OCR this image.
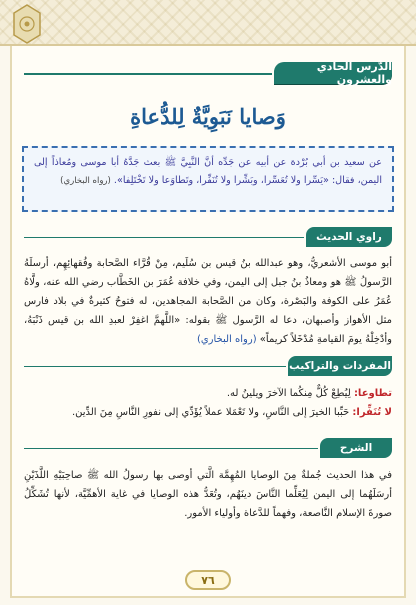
الدَّرس الحادي والعشرون
وَصايا نَبَوِيَّةٌ لِلدُّعاةِ
عن سعيد بن أبي بُرْدة عن أبيه عن جَدِّه أنَّ النَّبِيَّ ﷺ بعث جَدَّهُ أبا موسى ومُعاذاً إلى اليمن، فقال: «يَسِّرا ولا تُعَسِّرا، وبَشِّرا ولا تُنَفِّرا، وتَطاوَعا ولا تَخْتَلِفا». (رواه البخاري)
راوي الحديث
أبو موسى الأشعريُّ، وهو عبدالله بنُ قيس بن سُلَيم، مِنْ قُرَّاء الصَّحابة وفُقهائِهِم، أرسلَهُ الرَّسولُ ﷺ هو ومعاذُ بنُ جبل إلى اليمن، وفي خلافة عُمَرَ بن الخَطَّاب رضي الله عنه، ولَّاهُ عُمَرُ على الكوفة والبَصْرة، وكان من الصَّحابة المجاهدين، له فتوحُ كثيرةٌ في بلاد فارس مثل الأهواز وأصبهان، دعا له الرَّسول ﷺ بقوله: «اللَّهمَّ اغفِرْ لعبدِ الله بن قيس ذَنْبَهُ، وأدْخِلْهُ يومَ القيامةِ مُدْخَلاً كريماً» (رواه البخاري)
المفردات والتراكيب
تطاوعا: لِيُطِعْ كُلٌّ مِنكُما الآخرَ ويلينُ له.
لا تُنَفِّرا: حَبِّبا الخيرَ إلى النَّاسِ، ولا تَعْمَلا عملاً يُؤَدِّي إلى نفورِ النَّاسِ مِنَ الدِّين.
الشرح
في هذا الحديث جُملةٌ مِنَ الوصايا المُهِمَّة الَّتي أوصى بها رسولُ الله ﷺ صاحِبَيْهِ اللَّذَيْنِ أرسَلَهُما إلى اليمن لِيُعَلِّما النَّاسَ دينَهُم، وتُعَدُّ هذه الوصايا في غاية الأهمِّيَّة، لأنها تُشَكِّلُ صورةَ الإسلام النَّاصعة، وفهماً للدَّعاة وأولياء الأمور.
٧٦
